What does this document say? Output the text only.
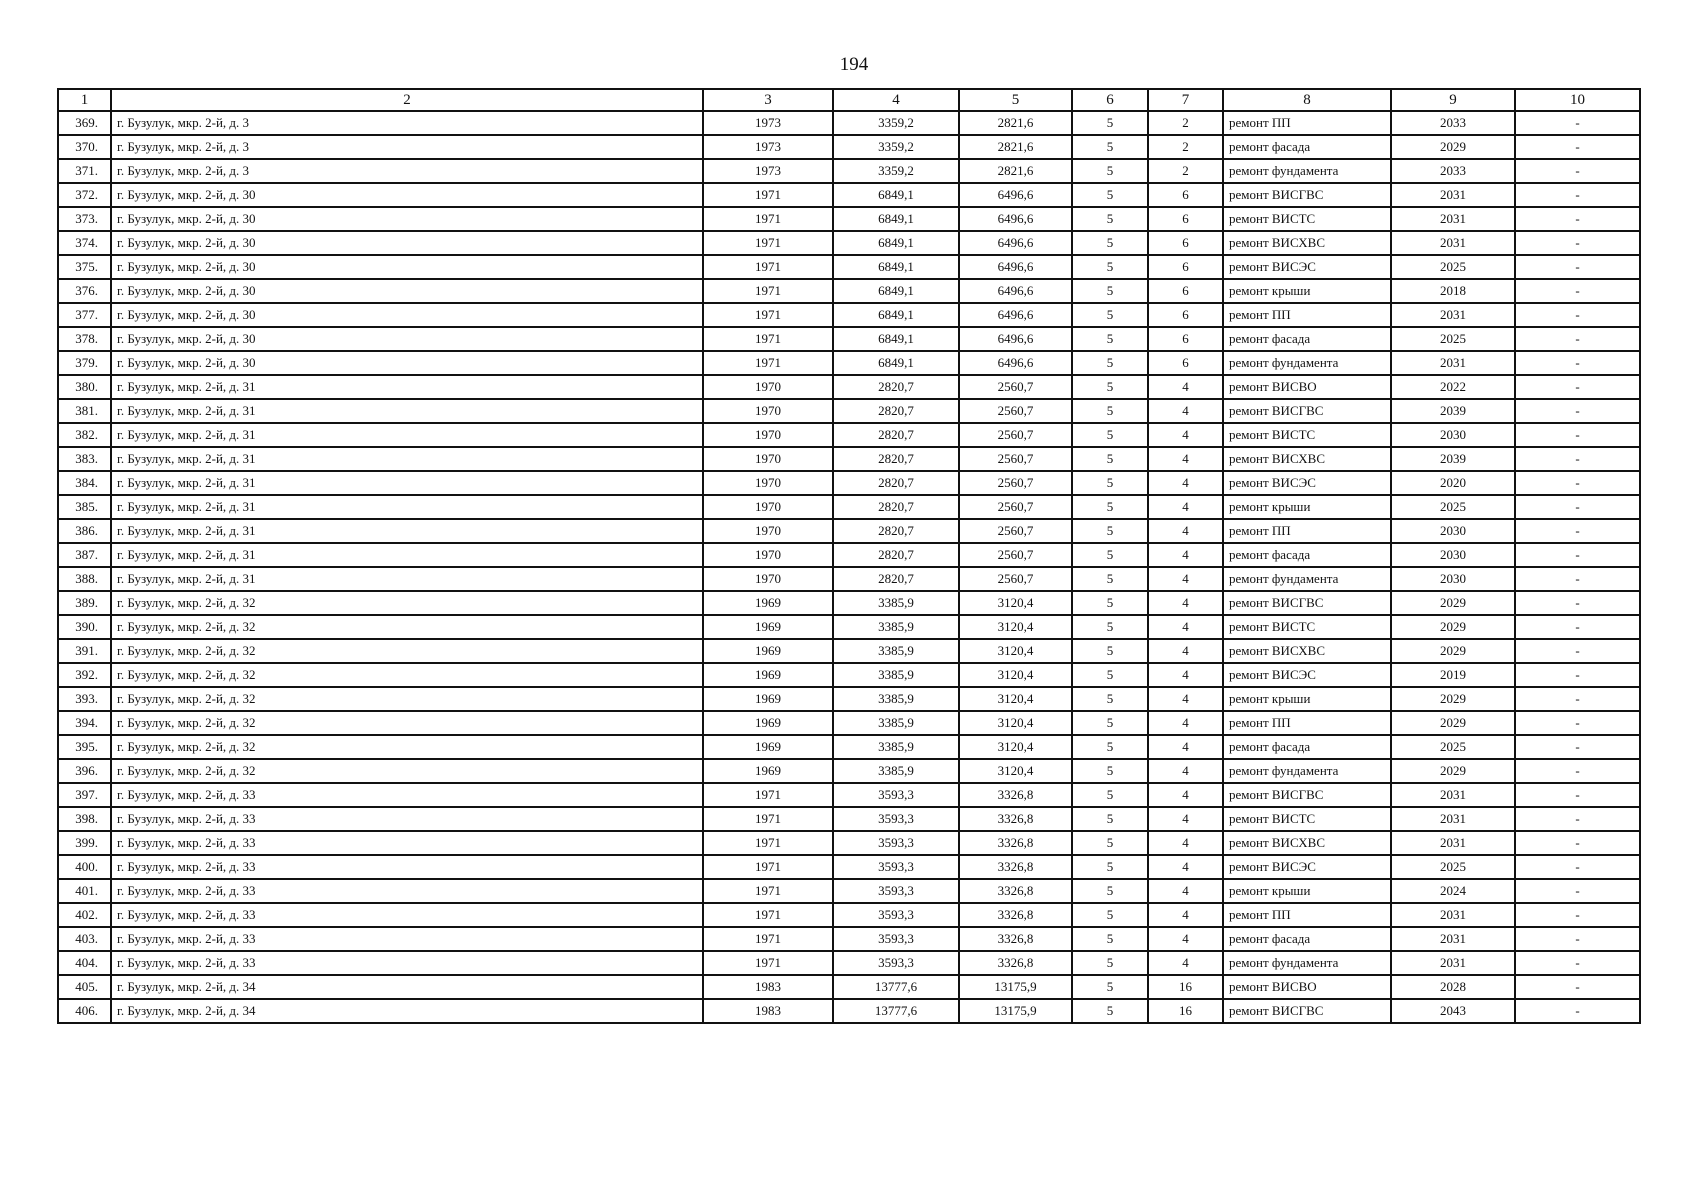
194
1	2	3	4	5	6	7	8	9	10
369.	г. Бузулук, мкр. 2-й, д. 3	1973	3359,2	2821,6	5	2	ремонт ПП	2033	-
370.	г. Бузулук, мкр. 2-й, д. 3	1973	3359,2	2821,6	5	2	ремонт фасада	2029	-
371.	г. Бузулук, мкр. 2-й, д. 3	1973	3359,2	2821,6	5	2	ремонт фундамента	2033	-
372.	г. Бузулук, мкр. 2-й, д. 30	1971	6849,1	6496,6	5	6	ремонт ВИСГВС	2031	-
373.	г. Бузулук, мкр. 2-й, д. 30	1971	6849,1	6496,6	5	6	ремонт ВИСТС	2031	-
374.	г. Бузулук, мкр. 2-й, д. 30	1971	6849,1	6496,6	5	6	ремонт ВИСХВС	2031	-
375.	г. Бузулук, мкр. 2-й, д. 30	1971	6849,1	6496,6	5	6	ремонт ВИСЭС	2025	-
376.	г. Бузулук, мкр. 2-й, д. 30	1971	6849,1	6496,6	5	6	ремонт крыши	2018	-
377.	г. Бузулук, мкр. 2-й, д. 30	1971	6849,1	6496,6	5	6	ремонт ПП	2031	-
378.	г. Бузулук, мкр. 2-й, д. 30	1971	6849,1	6496,6	5	6	ремонт фасада	2025	-
379.	г. Бузулук, мкр. 2-й, д. 30	1971	6849,1	6496,6	5	6	ремонт фундамента	2031	-
380.	г. Бузулук, мкр. 2-й, д. 31	1970	2820,7	2560,7	5	4	ремонт ВИСВО	2022	-
381.	г. Бузулук, мкр. 2-й, д. 31	1970	2820,7	2560,7	5	4	ремонт ВИСГВС	2039	-
382.	г. Бузулук, мкр. 2-й, д. 31	1970	2820,7	2560,7	5	4	ремонт ВИСТС	2030	-
383.	г. Бузулук, мкр. 2-й, д. 31	1970	2820,7	2560,7	5	4	ремонт ВИСХВС	2039	-
384.	г. Бузулук, мкр. 2-й, д. 31	1970	2820,7	2560,7	5	4	ремонт ВИСЭС	2020	-
385.	г. Бузулук, мкр. 2-й, д. 31	1970	2820,7	2560,7	5	4	ремонт крыши	2025	-
386.	г. Бузулук, мкр. 2-й, д. 31	1970	2820,7	2560,7	5	4	ремонт ПП	2030	-
387.	г. Бузулук, мкр. 2-й, д. 31	1970	2820,7	2560,7	5	4	ремонт фасада	2030	-
388.	г. Бузулук, мкр. 2-й, д. 31	1970	2820,7	2560,7	5	4	ремонт фундамента	2030	-
389.	г. Бузулук, мкр. 2-й, д. 32	1969	3385,9	3120,4	5	4	ремонт ВИСГВС	2029	-
390.	г. Бузулук, мкр. 2-й, д. 32	1969	3385,9	3120,4	5	4	ремонт ВИСТС	2029	-
391.	г. Бузулук, мкр. 2-й, д. 32	1969	3385,9	3120,4	5	4	ремонт ВИСХВС	2029	-
392.	г. Бузулук, мкр. 2-й, д. 32	1969	3385,9	3120,4	5	4	ремонт ВИСЭС	2019	-
393.	г. Бузулук, мкр. 2-й, д. 32	1969	3385,9	3120,4	5	4	ремонт крыши	2029	-
394.	г. Бузулук, мкр. 2-й, д. 32	1969	3385,9	3120,4	5	4	ремонт ПП	2029	-
395.	г. Бузулук, мкр. 2-й, д. 32	1969	3385,9	3120,4	5	4	ремонт фасада	2025	-
396.	г. Бузулук, мкр. 2-й, д. 32	1969	3385,9	3120,4	5	4	ремонт фундамента	2029	-
397.	г. Бузулук, мкр. 2-й, д. 33	1971	3593,3	3326,8	5	4	ремонт ВИСГВС	2031	-
398.	г. Бузулук, мкр. 2-й, д. 33	1971	3593,3	3326,8	5	4	ремонт ВИСТС	2031	-
399.	г. Бузулук, мкр. 2-й, д. 33	1971	3593,3	3326,8	5	4	ремонт ВИСХВС	2031	-
400.	г. Бузулук, мкр. 2-й, д. 33	1971	3593,3	3326,8	5	4	ремонт ВИСЭС	2025	-
401.	г. Бузулук, мкр. 2-й, д. 33	1971	3593,3	3326,8	5	4	ремонт крыши	2024	-
402.	г. Бузулук, мкр. 2-й, д. 33	1971	3593,3	3326,8	5	4	ремонт ПП	2031	-
403.	г. Бузулук, мкр. 2-й, д. 33	1971	3593,3	3326,8	5	4	ремонт фасада	2031	-
404.	г. Бузулук, мкр. 2-й, д. 33	1971	3593,3	3326,8	5	4	ремонт фундамента	2031	-
405.	г. Бузулук, мкр. 2-й, д. 34	1983	13777,6	13175,9	5	16	ремонт ВИСВО	2028	-
406.	г. Бузулук, мкр. 2-й, д. 34	1983	13777,6	13175,9	5	16	ремонт ВИСГВС	2043	-
